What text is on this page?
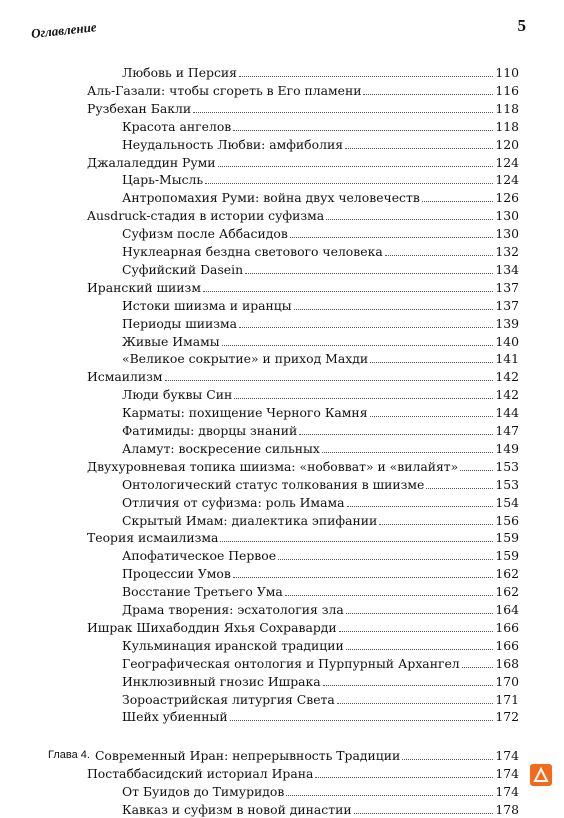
Оглавление	5
Любовь и Персия	110
Аль-Газали: чтобы сгореть в Его пламени	116
Рузбехан Бакли	118
Красота ангелов	118
Неудальность Любви: амфиболия	120
Джалаледдин Руми	124
Царь-Мысль	124
Антропомахия Руми: война двух человечеств	126
Ausdruck-стадия в истории суфизма	130
Суфизм после Аббасидов	130
Нуклеарная бездна светового человека	132
Суфийский Dasein	134
Иранский шиизм	137
Истоки шиизма и иранцы	137
Периоды шиизма	139
Живые Имамы	140
«Великое сокрытие» и приход Махди	141
Исмаилизм	142
Люди буквы Син	142
Карматы: похищение Черного Камня	144
Фатимиды: дворцы знаний	147
Аламут: воскресение сильных	149
Двухуровневая топика шиизма: «нобовват» и «вилайят»	153
Онтологический статус толкования в шиизме	153
Отличия от суфизма: роль Имама	154
Скрытый Имам: диалектика эпифании	156
Теория исмаилизма	159
Апофатическое Первое	159
Процессии Умов	162
Восстание Третьего Ума	162
Драма творения: эсхатология зла	164
Ишрак Шихабоддин Яхья Сохраварди	166
Кульминация иранской традиции	166
Географическая онтология и Пурпурный Архангел	168
Инклюзивный гнозис Ишрака	170
Зороастрийская литургия Света	171
Шейх убиенный	172
Глава 4. Современный Иран: непрерывность Традиции	174
Постаббасидский историал Ирана	174
От Буидов до Тимуридов	174
Кавказ и суфизм в новой династии	178
